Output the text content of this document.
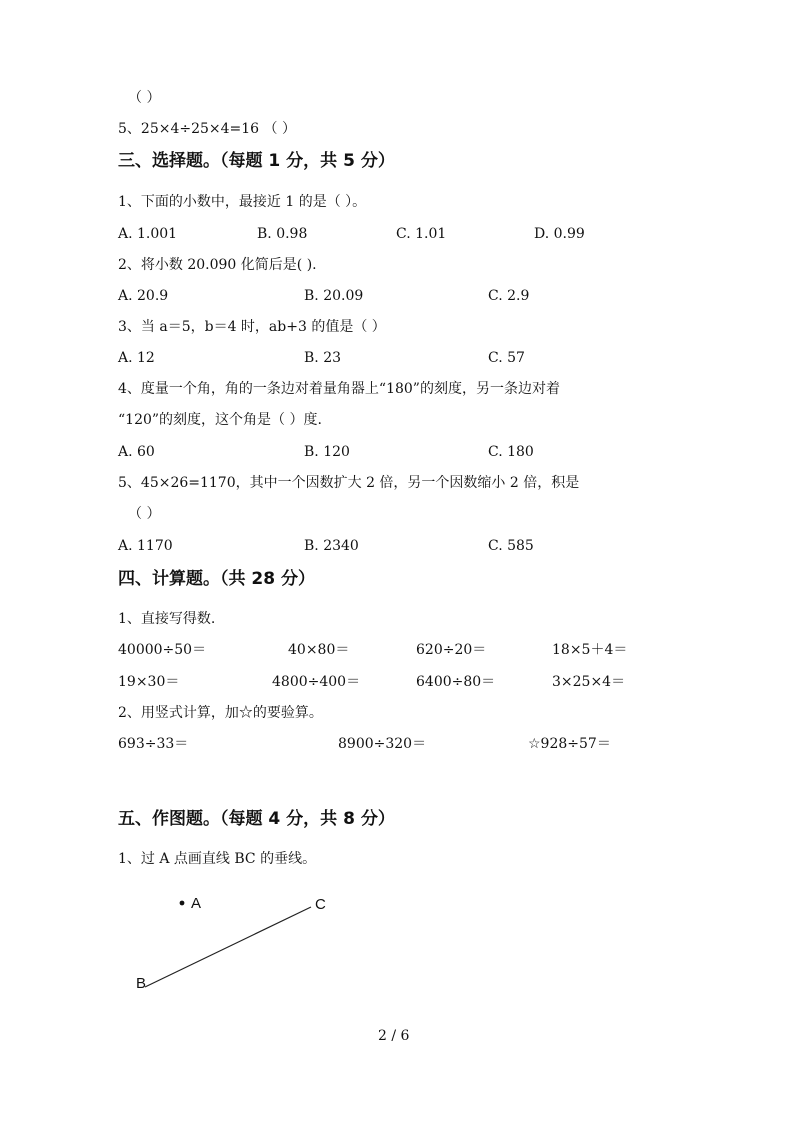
（ ）
5、25×4÷25×4=16 （ ）
三、选择题。（每题 1 分，共 5 分）
1、下面的小数中，最接近 1 的是（ ）。
A. 1.001	B. 0.98	C. 1.01	D. 0.99
2、将小数 20.090 化简后是( ).
A. 20.9	B. 20.09	C. 2.9
3、当 a＝5，b＝4 时，ab+3 的值是（ ）
A. 12	B. 23	C. 57
4、度量一个角，角的一条边对着量角器上“180”的刻度，另一条边对着
“120”的刻度，这个角是（ ）度.
A. 60	B. 120	C. 180
5、45×26=1170，其中一个因数扩大 2 倍，另一个因数缩小 2 倍，积是
（ ）
A. 1170	B. 2340	C. 585
四、计算题。（共 28 分）
1、直接写得数.
40000÷50＝	40×80＝	620÷20＝	18×5＋4＝
19×30＝	4800÷400＝	6400÷80＝	3×25×4＝
2、用竖式计算，加☆的要验算。
693÷33＝	8900÷320＝	☆928÷57＝
五、作图题。（每题 4 分，共 8 分）
1、过 A 点画直线 BC 的垂线。
A
B
C
2 / 6
